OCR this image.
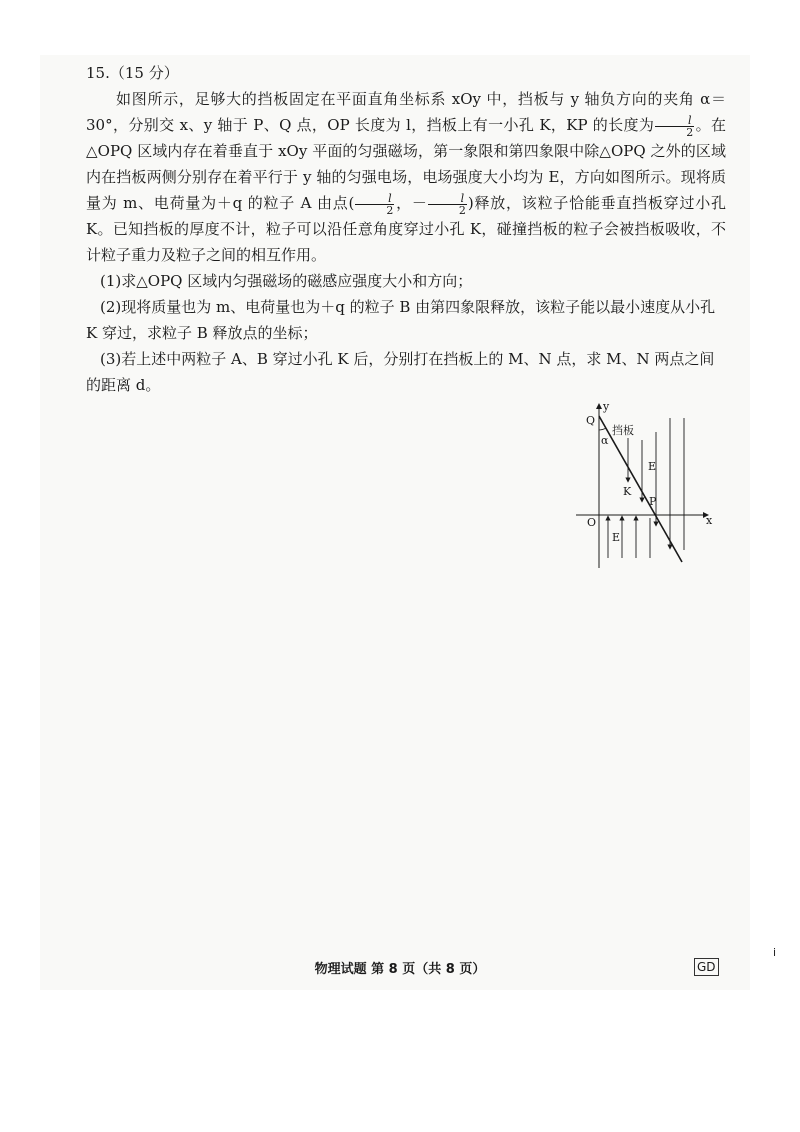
15.（15 分）

如图所示，足够大的挡板固定在平面直角坐标系 xOy 中，挡板与 y 轴负方向的夹角 α＝30°，分别交 x、y 轴于 P、Q 点，OP 长度为 l，挡板上有一小孔 K，KP 的长度为 $\frac{l}{2}$ 。在△OPQ 区域内存在着垂直于 xOy 平面的匀强磁场，第一象限和第四象限中除△OPQ 之外的区域内在挡板两侧分别存在着平行于 y 轴的匀强电场，电场强度大小均为 E，方向如图所示。现将质量为 m、电荷量为＋q 的粒子 A 由点( $\frac{l}{2}$ ，－ $\frac{l}{2}$ )释放，该粒子恰能垂直挡板穿过小孔 K。已知挡板的厚度不计，粒子可以沿任意角度穿过小孔 K，碰撞挡板的粒子会被挡板吸收，不计粒子重力及粒子之间的相互作用。

(1)求△OPQ 区域内匀强磁场的磁感应强度大小和方向；

(2)现将质量也为 m、电荷量也为＋q 的粒子 B 由第四象限释放，该粒子能以最小速度从小孔 K 穿过，求粒子 B 释放点的坐标；

(3)若上述中两粒子 A、B 穿过小孔 K 后，分别打在挡板上的 M、N 点，求 M、N 两点之间的距离 d。

y
Q
挡板
α
E
K
P
O	x
E
物理试题 第 8 页（共 8 页）	GD
i
